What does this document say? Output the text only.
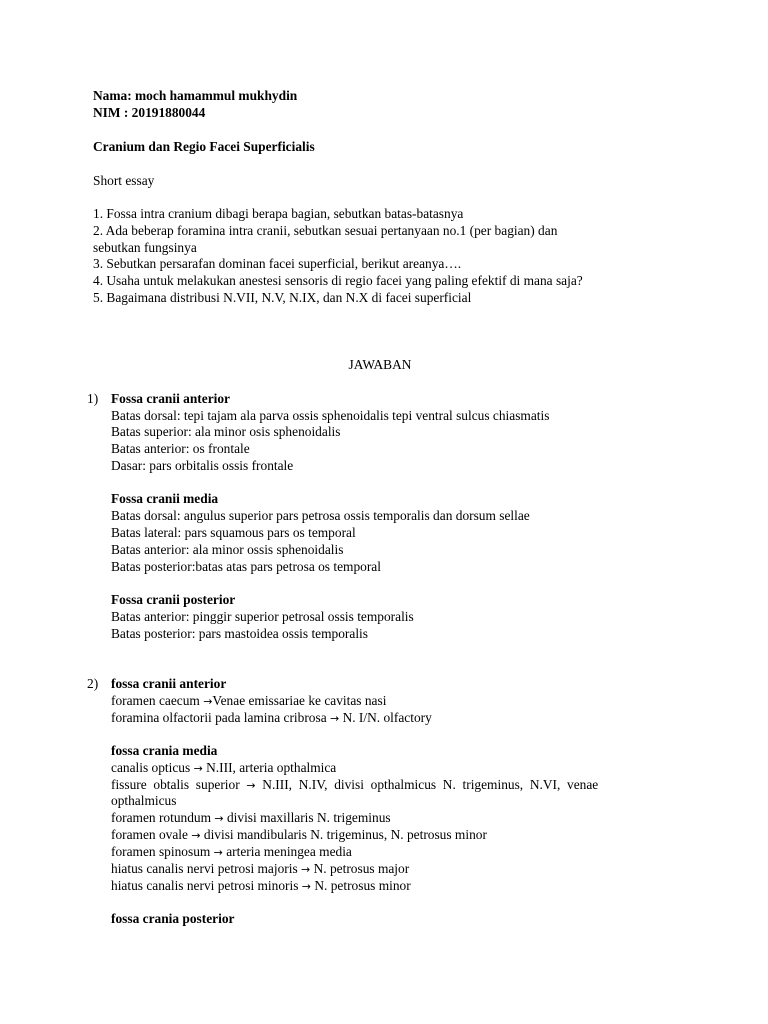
Nama: moch hamammul mukhydin
NIM : 20191880044
Cranium dan Regio Facei Superficialis
Short essay
1. Fossa intra cranium dibagi berapa bagian, sebutkan batas-batasnya
2. Ada beberap foramina intra cranii, sebutkan sesuai pertanyaan no.1 (per bagian) dan
sebutkan fungsinya
3. Sebutkan persarafan dominan facei superficial, berikut areanya….
4. Usaha untuk melakukan anestesi sensoris di regio facei yang paling efektif di mana saja?
5. Bagaimana distribusi N.VII, N.V, N.IX, dan N.X di facei superficial
JAWABAN
1) Fossa cranii anterior
Batas dorsal: tepi tajam ala parva ossis sphenoidalis tepi ventral sulcus chiasmatis
Batas superior: ala minor osis sphenoidalis
Batas anterior: os frontale
Dasar: pars orbitalis ossis frontale
Fossa cranii media
Batas dorsal: angulus superior pars petrosa ossis temporalis dan dorsum sellae
Batas lateral: pars squamous pars os temporal
Batas anterior: ala minor ossis sphenoidalis
Batas posterior:batas atas pars petrosa os temporal
Fossa cranii posterior
Batas anterior: pinggir superior petrosal ossis temporalis
Batas posterior: pars mastoidea ossis temporalis
2) fossa cranii anterior
foramen caecum →Venae emissariae ke cavitas nasi
foramina olfactorii pada lamina cribrosa → N. I/N. olfactory
fossa crania media
canalis opticus → N.III, arteria opthalmica
fissure  obtalis  superior  →  N.III,  N.IV,  divisi  opthalmicus  N.  trigeminus,  N.VI,  venae
opthalmicus
foramen rotundum → divisi maxillaris N. trigeminus
foramen ovale → divisi mandibularis N. trigeminus, N. petrosus minor
foramen spinosum → arteria meningea media
hiatus canalis nervi petrosi majoris → N. petrosus major
hiatus canalis nervi petrosi minoris → N. petrosus minor
fossa crania posterior
